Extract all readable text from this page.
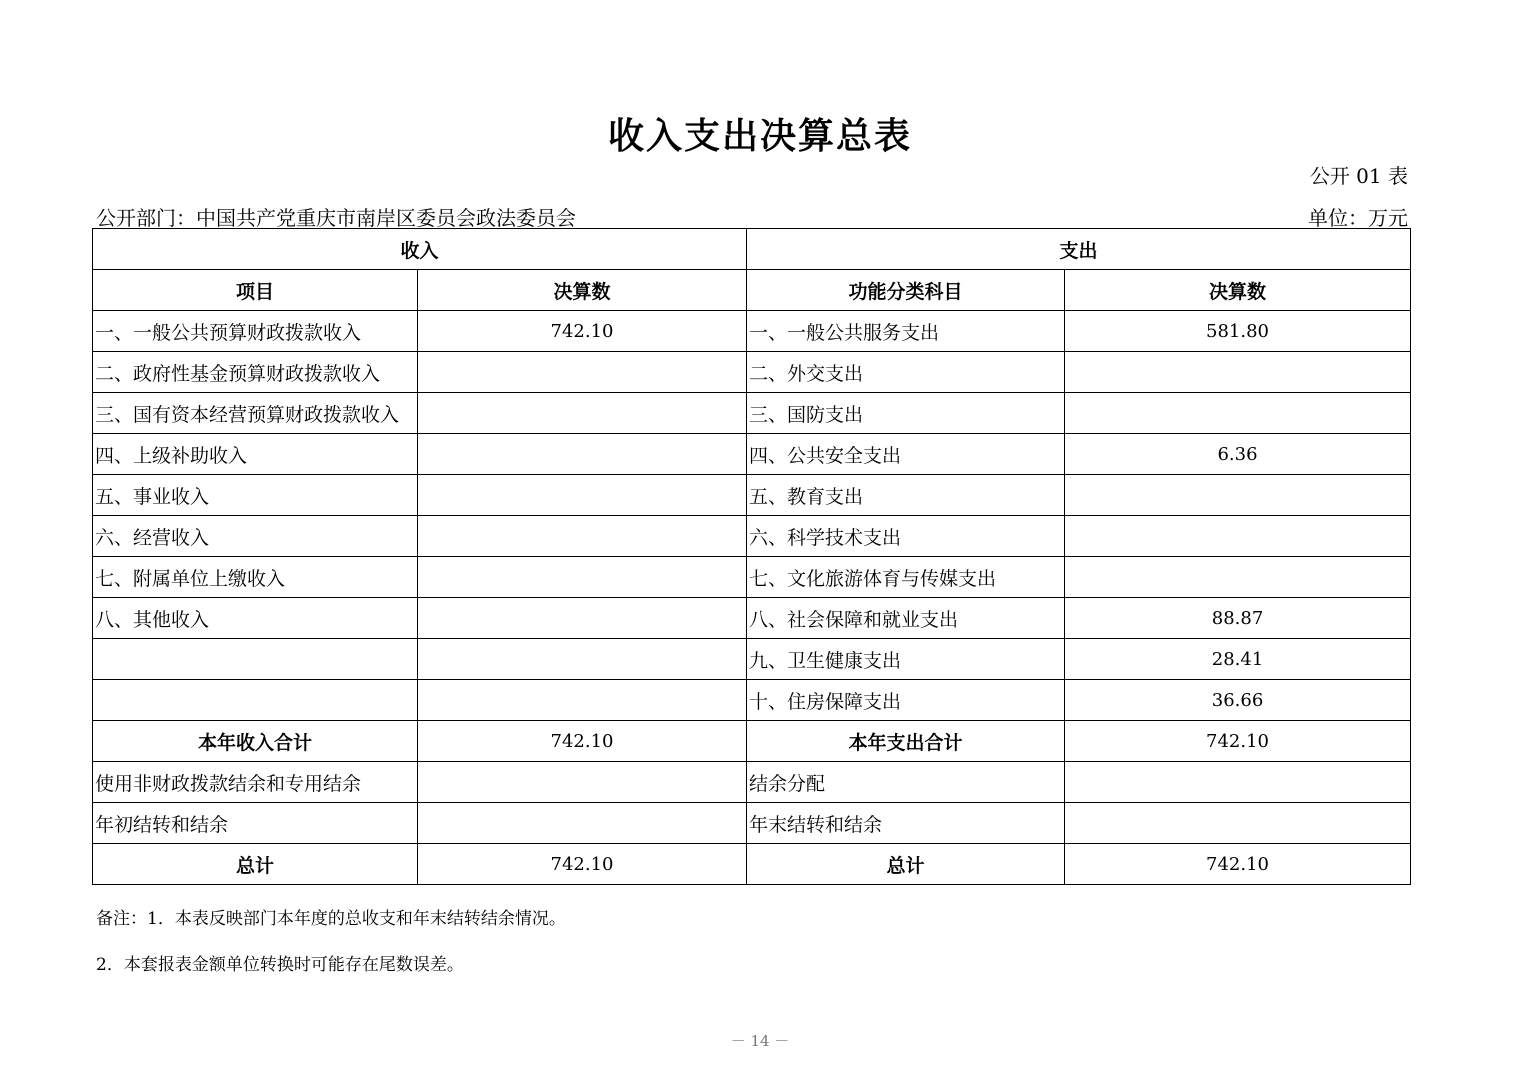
收入支出决算总表
公开 01 表
公开部门：中国共产党重庆市南岸区委员会政法委员会	单位：万元
收入		支出	
项目	决算数	功能分类科目	决算数
一、一般公共预算财政拨款收入	742.10	一、一般公共服务支出	581.80
二、政府性基金预算财政拨款收入		二、外交支出	
三、国有资本经营预算财政拨款收入		三、国防支出	
四、上级补助收入		四、公共安全支出	6.36
五、事业收入		五、教育支出	
六、经营收入		六、科学技术支出	
七、附属单位上缴收入		七、文化旅游体育与传媒支出	
八、其他收入		八、社会保障和就业支出	88.87
		九、卫生健康支出	28.41
		十、住房保障支出	36.66
本年收入合计	742.10	本年支出合计	742.10
使用非财政拨款结余和专用结余		结余分配	
年初结转和结余		年末结转和结余	
总计	742.10	总计	742.10
备注：1．本表反映部门本年度的总收支和年末结转结余情况。
2．本套报表金额单位转换时可能存在尾数误差。
－ 14 －
